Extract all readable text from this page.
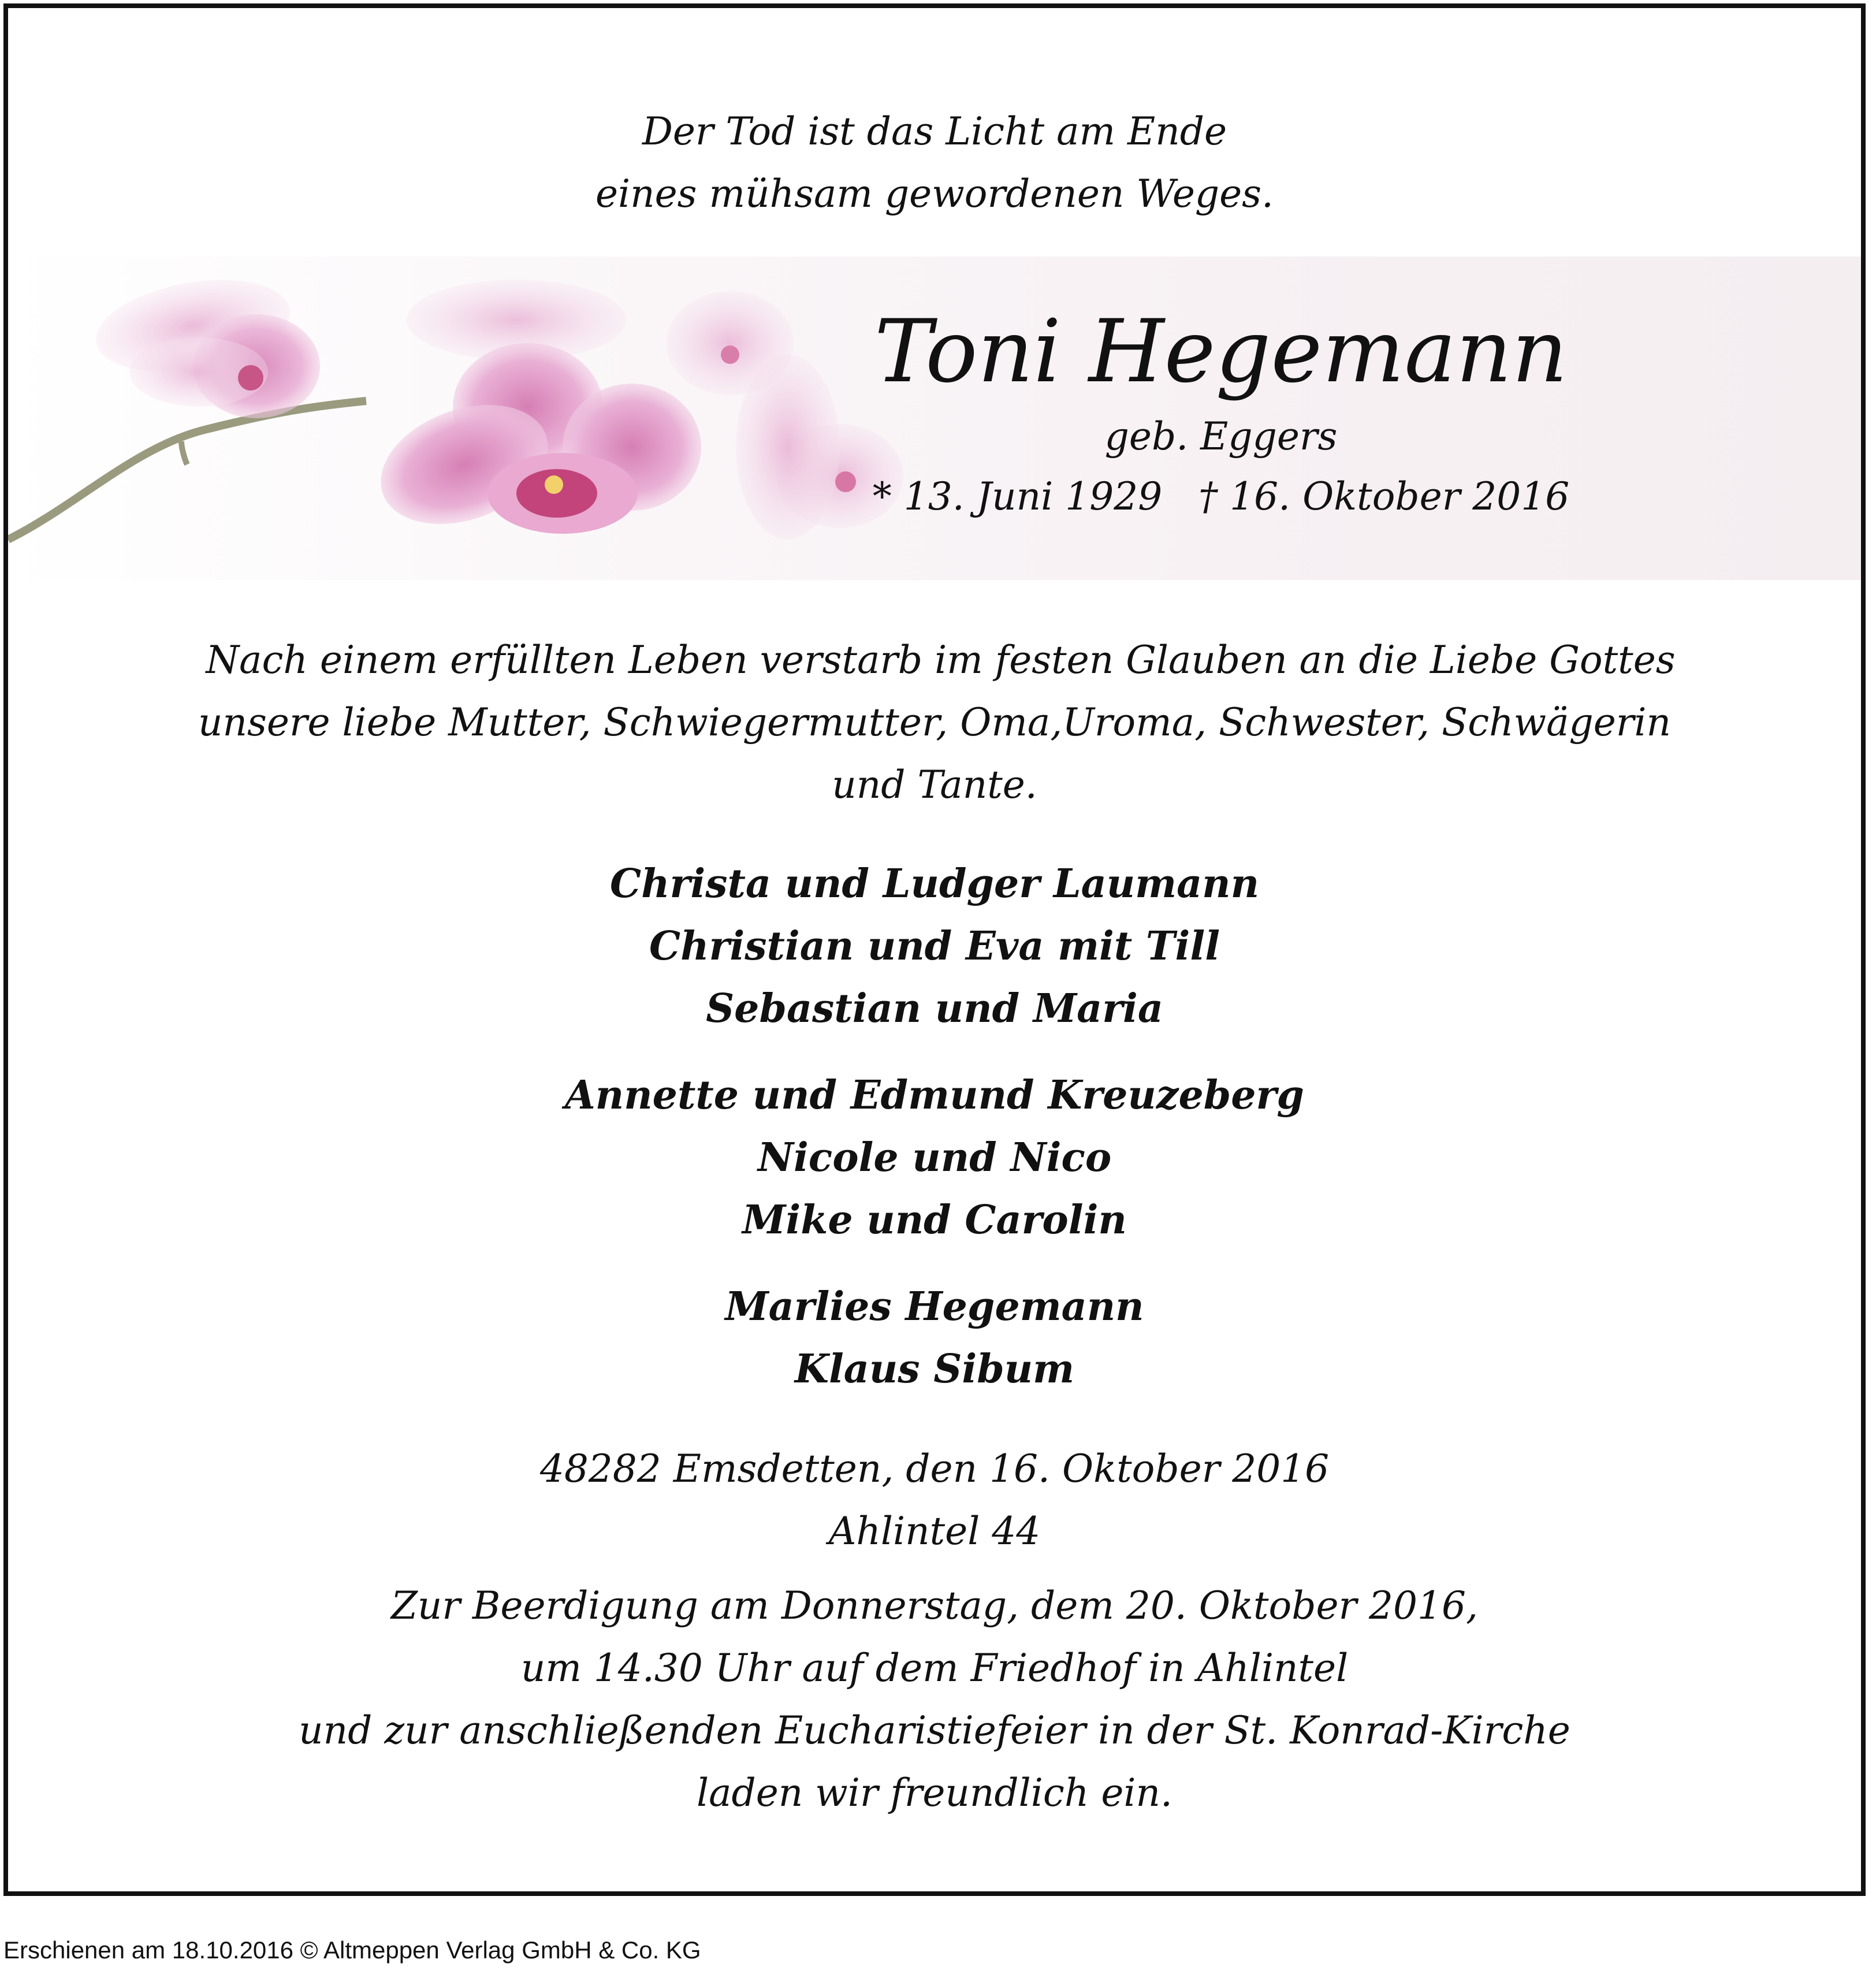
Der Tod ist das Licht am Ende
eines mühsam gewordenen Weges.
Toni Hegemann
geb. Eggers
* 13. Juni 1929   † 16. Oktober 2016
Nach einem erfüllten Leben verstarb im festen Glauben an die Liebe Gottes
unsere liebe Mutter, Schwiegermutter, Oma,Uroma, Schwester, Schwägerin
und Tante.
Christa und Ludger Laumann
Christian und Eva mit Till
Sebastian und Maria
Annette und Edmund Kreuzeberg
Nicole und Nico
Mike und Carolin
Marlies Hegemann
Klaus Sibum
48282 Emsdetten, den 16. Oktober 2016
Ahlintel 44
Zur Beerdigung am Donnerstag, dem 20. Oktober 2016,
um 14.30 Uhr auf dem Friedhof in Ahlintel
und zur anschließenden Eucharistiefeier in der St. Konrad-Kirche
laden wir freundlich ein.
Erschienen am 18.10.2016 © Altmeppen Verlag GmbH & Co. KG
